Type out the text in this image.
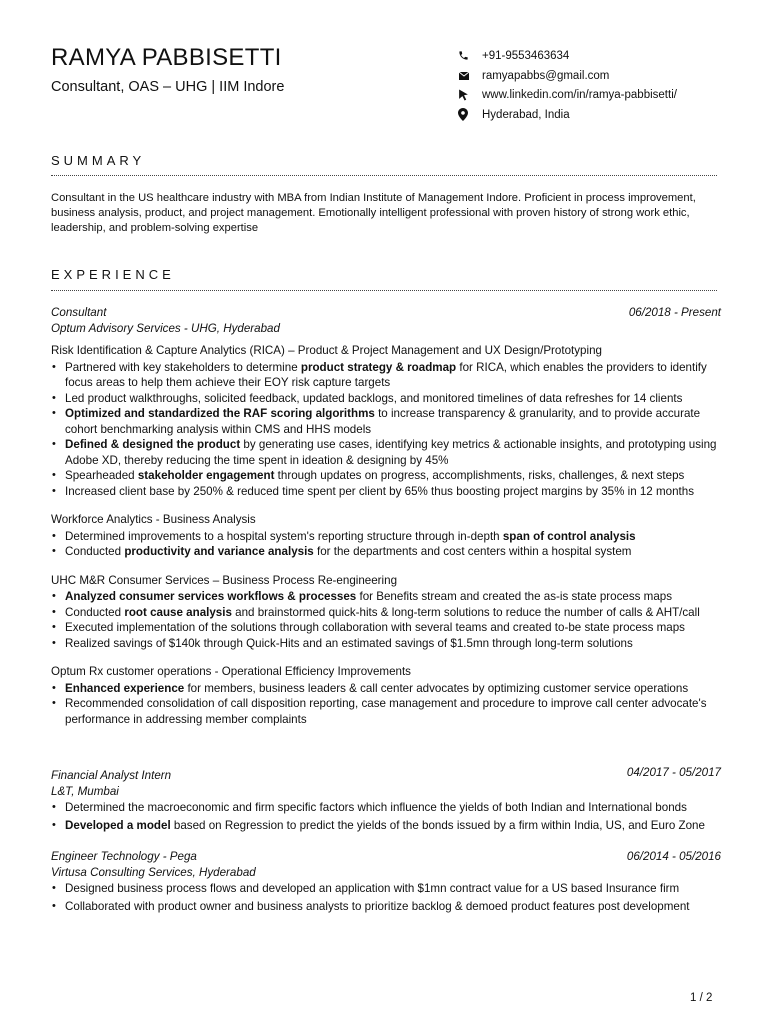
RAMYA PABBISETTI
Consultant, OAS – UHG | IIM Indore
+91-9553463634
ramyapabbs@gmail.com
www.linkedin.com/in/ramya-pabbisetti/
Hyderabad, India
SUMMARY
Consultant in the US healthcare industry with MBA from Indian Institute of Management Indore. Proficient in process improvement, business analysis, product, and project management. Emotionally intelligent professional with proven history of strong work ethic, leadership, and problem-solving expertise
EXPERIENCE
Consultant	06/2018 - Present
Optum Advisory Services - UHG, Hyderabad
Risk Identification & Capture Analytics (RICA) – Product & Project Management and UX Design/Prototyping
• Partnered with key stakeholders to determine product strategy & roadmap for RICA, which enables the providers to identify focus areas to help them achieve their EOY risk capture targets
• Led product walkthroughs, solicited feedback, updated backlogs, and monitored timelines of data refreshes for 14 clients
• Optimized and standardized the RAF scoring algorithms to increase transparency & granularity, and to provide accurate cohort benchmarking analysis within CMS and HHS models
• Defined & designed the product by generating use cases, identifying key metrics & actionable insights, and prototyping using Adobe XD, thereby reducing the time spent in ideation & designing by 45%
• Spearheaded stakeholder engagement through updates on progress, accomplishments, risks, challenges, & next steps
• Increased client base by 250% & reduced time spent per client by 65% thus boosting project margins by 35% in 12 months
Workforce Analytics - Business Analysis
• Determined improvements to a hospital system's reporting structure through in-depth span of control analysis
• Conducted productivity and variance analysis for the departments and cost centers within a hospital system
UHC M&R Consumer Services – Business Process Re-engineering
• Analyzed consumer services workflows & processes for Benefits stream and created the as-is state process maps
• Conducted root cause analysis and brainstormed quick-hits & long-term solutions to reduce the number of calls & AHT/call
• Executed implementation of the solutions through collaboration with several teams and created to-be state process maps
• Realized savings of $140k through Quick-Hits and an estimated savings of $1.5mn through long-term solutions
Optum Rx customer operations - Operational Efficiency Improvements
• Enhanced experience for members, business leaders & call center advocates by optimizing customer service operations
• Recommended consolidation of call disposition reporting, case management and procedure to improve call center advocate's performance in addressing member complaints
Financial Analyst Intern	04/2017 - 05/2017
L&T, Mumbai
• Determined the macroeconomic and firm specific factors which influence the yields of both Indian and International bonds
• Developed a model based on Regression to predict the yields of the bonds issued by a firm within India, US, and Euro Zone
Engineer Technology - Pega	06/2014 - 05/2016
Virtusa Consulting Services, Hyderabad
• Designed business process flows and developed an application with $1mn contract value for a US based Insurance firm
• Collaborated with product owner and business analysts to prioritize backlog & demoed product features post development
1 / 2
